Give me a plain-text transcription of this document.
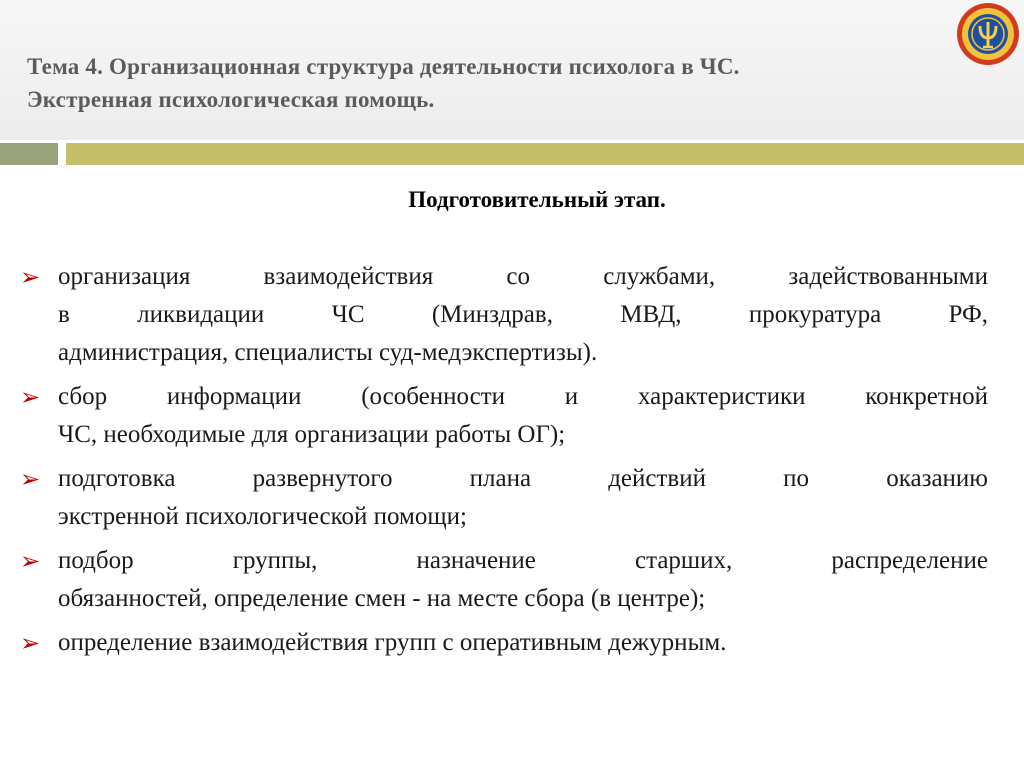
Тема 4. Организационная структура деятельности психолога в ЧС.
Экстренная психологическая помощь.
Подготовительный этап.
➢ организация взаимодействия со службами, задействованными
в ликвидации ЧС (Минздрав, МВД, прокуратура РФ,
администрация, специалисты суд-медэкспертизы).
➢ сбор информации (особенности и характеристики конкретной
ЧС, необходимые для организации работы ОГ);
➢ подготовка развернутого плана действий по оказанию
экстренной психологической помощи;
➢ подбор группы, назначение старших, распределение
обязанностей, определение смен - на месте сбора (в центре);
➢ определение взаимодействия групп с оперативным дежурным.
